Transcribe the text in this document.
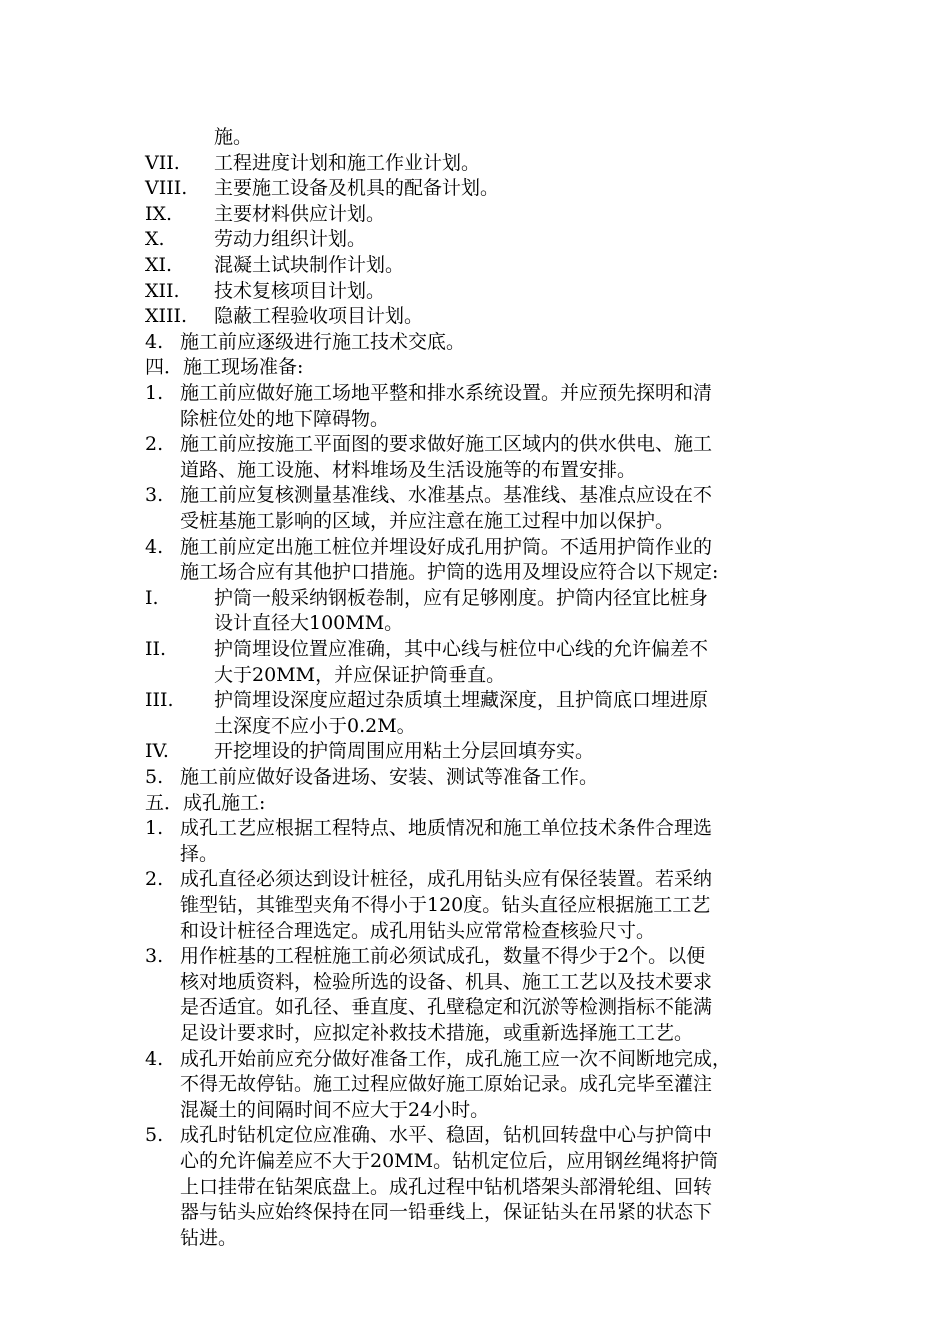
施。
VII. 工程进度计划和施工作业计划。
VIII. 主要施工设备及机具的配备计划。
IX. 主要材料供应计划。
X.	劳动力组织计划。
XI. 混凝土试块制作计划。
XII. 技术复核项目计划。
XIII. 隐蔽工程验收项目计划。
4. 施工前应逐级进行施工技术交底。
四．施工现场准备:
1. 施工前应做好施工场地平整和排水系统设置。并应预先探明和清
除桩位处的地下障碍物。
2. 施工前应按施工平面图的要求做好施工区域内的供水供电、施工
道路、施工设施、材料堆场及生活设施等的布置安排。
3. 施工前应复核测量基准线、水准基点。基准线、基准点应设在不
受桩基施工影响的区域，并应注意在施工过程中加以保护。
4. 施工前应定出施工桩位并埋设好成孔用护筒。不适用护筒作业的
施工场合应有其他护口措施。护筒的选用及埋设应符合以下规定:
I.	护筒一般采纳钢板卷制，应有足够刚度。护筒内径宜比桩身
设计直径大100MM。
II.	护筒埋设位置应准确，其中心线与桩位中心线的允许偏差不
大于20MM，并应保证护筒垂直。
III. 护筒埋设深度应超过杂质填土埋藏深度，且护筒底口埋进原
土深度不应小于0.2M。
IV. 开挖埋设的护筒周围应用粘土分层回填夯实。
5. 施工前应做好设备进场、安装、测试等准备工作。
五．成孔施工:
1. 成孔工艺应根据工程特点、地质情况和施工单位技术条件合理选
择。
2. 成孔直径必须达到设计桩径，成孔用钻头应有保径装置。若采纳
锥型钻，其锥型夹角不得小于120度。钻头直径应根据施工工艺
和设计桩径合理选定。成孔用钻头应常常检查核验尺寸。
3. 用作桩基的工程桩施工前必须试成孔，数量不得少于2个。以便
核对地质资料，检验所选的设备、机具、施工工艺以及技术要求
是否适宜。如孔径、垂直度、孔壁稳定和沉淤等检测指标不能满
足设计要求时，应拟定补救技术措施，或重新选择施工工艺。
4. 成孔开始前应充分做好准备工作，成孔施工应一次不间断地完成，
不得无故停钻。施工过程应做好施工原始记录。成孔完毕至灌注
混凝土的间隔时间不应大于24小时。
5. 成孔时钻机定位应准确、水平、稳固，钻机回转盘中心与护筒中
心的允许偏差应不大于20MM。钻机定位后，应用钢丝绳将护筒
上口挂带在钻架底盘上。成孔过程中钻机塔架头部滑轮组、回转
器与钻头应始终保持在同一铅垂线上，保证钻头在吊紧的状态下
钻进。
